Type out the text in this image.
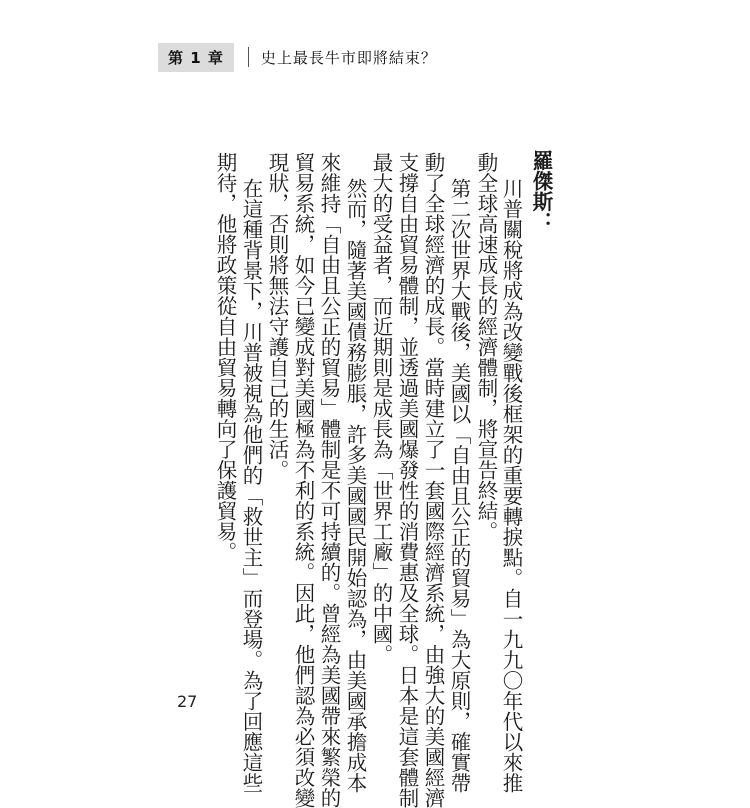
第 1 章	史上最長牛市即將結束？
羅傑斯：
川普關稅將成為改變戰後框架的重要轉捩點。自一九九〇年代以來推
動全球高速成長的經濟體制，將宣告終結。
第二次世界大戰後，美國以「自由且公正的貿易」為大原則，確實帶
動了全球經濟的成長。當時建立了一套國際經濟系統，由強大的美國經濟
支撐自由貿易體制，並透過美國爆發性的消費惠及全球。日本是這套體制
最大的受益者，而近期則是成長為「世界工廠」的中國。
然而，隨著美國債務膨脹，許多美國國民開始認為，由美國承擔成本
來維持「自由且公正的貿易」體制是不可持續的。曾經為美國帶來繁榮的
貿易系統，如今已變成對美國極為不利的系統。因此，他們認為必須改變
現狀，否則將無法守護自己的生活。
在這種背景下，川普被視為他們的「救世主」而登場。為了回應這些
期待，他將政策從自由貿易轉向了保護貿易。
27
